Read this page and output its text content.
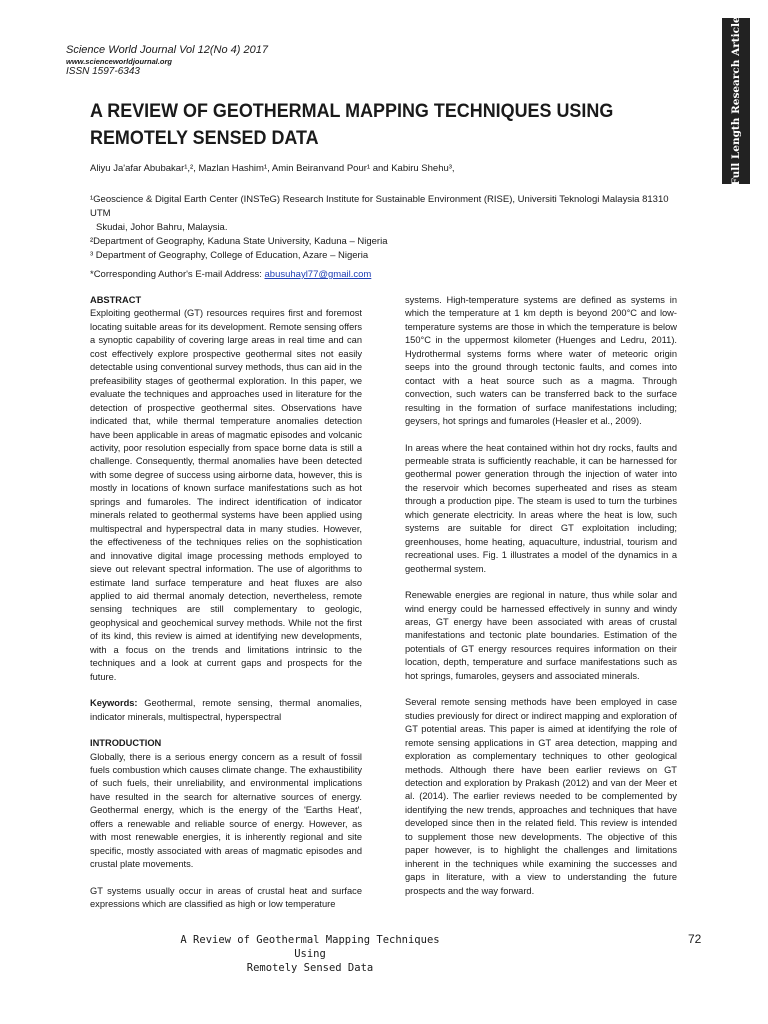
Science World Journal Vol 12(No 4) 2017
www.scienceworldjournal.org
ISSN 1597-6343	Full Length Research Article
A REVIEW OF GEOTHERMAL MAPPING TECHNIQUES USING REMOTELY SENSED DATA
Aliyu Ja'afar Abubakar¹,², Mazlan Hashim¹, Amin Beiranvand Pour¹ and Kabiru Shehu³,
¹Geoscience & Digital Earth Center (INSTeG) Research Institute for Sustainable Environment (RISE), Universiti Teknologi Malaysia 81310 UTM
Skudai, Johor Bahru, Malaysia.
²Department of Geography, Kaduna State University, Kaduna – Nigeria
³ Department of Geography, College of Education, Azare – Nigeria
*Corresponding Author's E-mail Address: abusuhayl77@gmail.com

ABSTRACT
Exploiting geothermal (GT) resources requires first and foremost locating suitable areas for its development. Remote sensing offers a synoptic capability of covering large areas in real time and can cost effectively explore prospective geothermal sites not easily detectable using conventional survey methods, thus can aid in the prefeasibility stages of geothermal exploration. In this paper, we evaluate the techniques and approaches used in literature for the detection of prospective geothermal sites. Observations have indicated that, while thermal temperature anomalies detection have been applicable in areas of magmatic episodes and volcanic activity, poor resolution especially from space borne data is still a challenge. Consequently, thermal anomalies have been detected with some degree of success using airborne data, however, this is mostly in locations of known surface manifestations such as hot springs and fumaroles. The indirect identification of indicator minerals related to geothermal systems have been applied using multispectral and hyperspectral data in many studies. However, the effectiveness of the techniques relies on the sophistication and innovative digital image processing methods employed to sieve out relevant spectral information. The use of algorithms to estimate land surface temperature and heat fluxes are also applied to aid thermal anomaly detection, nevertheless, remote sensing techniques are still complementary to geologic, geophysical and geochemical survey methods. While not the first of its kind, this review is aimed at identifying new developments, with a focus on the trends and limitations intrinsic to the techniques and a look at current gaps and prospects for the future.

Keywords: Geothermal, remote sensing, thermal anomalies, indicator minerals, multispectral, hyperspectral

INTRODUCTION
Globally, there is a serious energy concern as a result of fossil fuels combustion which causes climate change. The exhaustibility of such fuels, their unreliability, and environmental implications have resulted in the search for alternative sources of energy. Geothermal energy, which is the energy of the 'Earths Heat', offers a renewable and reliable source of energy. However, as with most renewable energies, it is inherently regional and site specific, mostly associated with areas of magmatic episodes and crustal plate movements.

GT systems usually occur in areas of crustal heat and surface expressions which are classified as high or low temperature

systems. High-temperature systems are defined as systems in which the temperature at 1 km depth is beyond 200°C and low-temperature systems are those in which the temperature is below 150°C in the uppermost kilometer (Huenges and Ledru, 2011). Hydrothermal systems forms where water of meteoric origin seeps into the ground through tectonic faults, and comes into contact with a heat source such as a magma. Through convection, such waters can be transferred back to the surface resulting in the formation of surface manifestations including; geysers, hot springs and fumaroles (Heasler et al., 2009).

In areas where the heat contained within hot dry rocks, faults and permeable strata is sufficiently reachable, it can be harnessed for geothermal power generation through the injection of water into the reservoir which becomes superheated and rises as steam through a production pipe. The steam is used to turn the turbines which generate electricity. In areas where the heat is low, such systems are suitable for direct GT exploitation including; greenhouses, home heating, aquaculture, industrial, tourism and recreational uses. Fig. 1 illustrates a model of the dynamics in a geothermal system.

Renewable energies are regional in nature, thus while solar and wind energy could be harnessed effectively in sunny and windy areas, GT energy have been associated with areas of crustal manifestations and tectonic plate boundaries. Estimation of the potentials of GT energy resources requires information on their location, depth, temperature and surface manifestations such as hot springs, fumaroles, geysers and associated minerals.

Several remote sensing methods have been employed in case studies previously for direct or indirect mapping and exploration of GT potential areas. This paper is aimed at identifying the role of remote sensing applications in GT area detection, mapping and exploration as complementary techniques to other geological methods. Although there have been earlier reviews on GT detection and exploration by Prakash (2012) and van der Meer et al. (2014). The earlier reviews needed to be complemented by identifying the new trends, approaches and techniques that have developed since then in the related field. This review is intended to supplement those new developments. The objective of this paper however, is to highlight the challenges and limitations inherent in the techniques while examining the successes and gaps in literature, with a view to understanding the future prospects and the way forward.

A Review of Geothermal Mapping Techniques Using
Remotely Sensed Data
72
